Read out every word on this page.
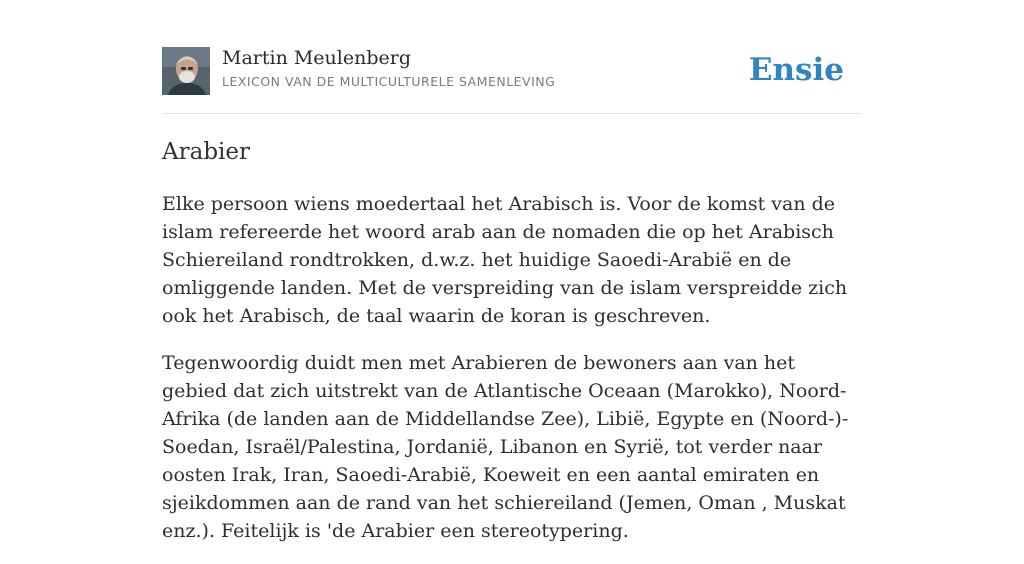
Martin Meulenberg
LEXICON VAN DE MULTICULTURELE SAMENLEVING	Ensie
Arabier

Elke persoon wiens moedertaal het Arabisch is. Voor de komst van de islam refereerde het woord arab aan de nomaden die op het Arabisch Schiereiland rondtrokken, d.w.z. het huidige Saoedi-Arabië en de omliggende landen. Met de verspreiding van de islam verspreidde zich ook het Arabisch, de taal waarin de koran is geschreven.

Tegenwoordig duidt men met Arabieren de bewoners aan van het gebied dat zich uitstrekt van de Atlantische Oceaan (Marokko), Noord-Afrika (de landen aan de Middellandse Zee), Libië, Egypte en (Noord-)-Soedan, Israël/Palestina, Jordanië, Libanon en Syrië, tot verder naar oosten Irak, Iran, Saoedi-Arabië, Koeweit en een aantal emiraten en sjeikdommen aan de rand van het schiereiland (Jemen, Oman , Muskat enz.). Feitelijk is 'de Arabier een stereotypering.
